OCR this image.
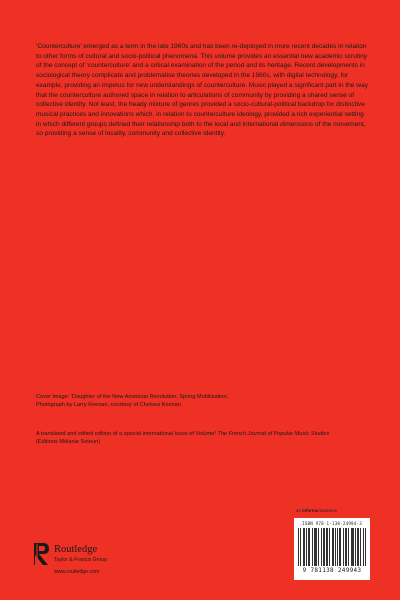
‘Counterculture’ emerged as a term in the late 1960s and has been re-deployed in more recent decades in relation to other forms of cultural and socio-political phenomena. This volume provides an essential new academic scrutiny of the concept of ‘counterculture’ and a critical examination of the period and its heritage. Recent developments in sociological theory complicate and problematise theories developed in the 1960s, with digital technology, for example, providing an impetus for new understandings of counterculture. Music played a significant part in the way that the counterculture authored space in relation to articulations of community by providing a shared sense of collective identity. Not least, the heady mixture of genres provided a socio-cultural-political backdrop for distinctive musical practices and innovations which, in relation to counterculture ideology, provided a rich experiential setting in which different groups defined their relationship both to the local and international dimensions of the movement, so providing a sense of locality, community and collective identity.

Cover image: ‘Daughter of the New American Revolution, Spring Mobilization’.
Photograph by Larry Keenan, courtesy of Chelsea Keenan

A translated and edited edition of a special international issue of Volume! The French Journal of Popular Music Studies
(Éditions Mélanie Seteun)

an informa business
ISBN 978-1-138-24994-3
9 781138 249943
Routledge
Taylor & Francis Group
www.routledge.com
